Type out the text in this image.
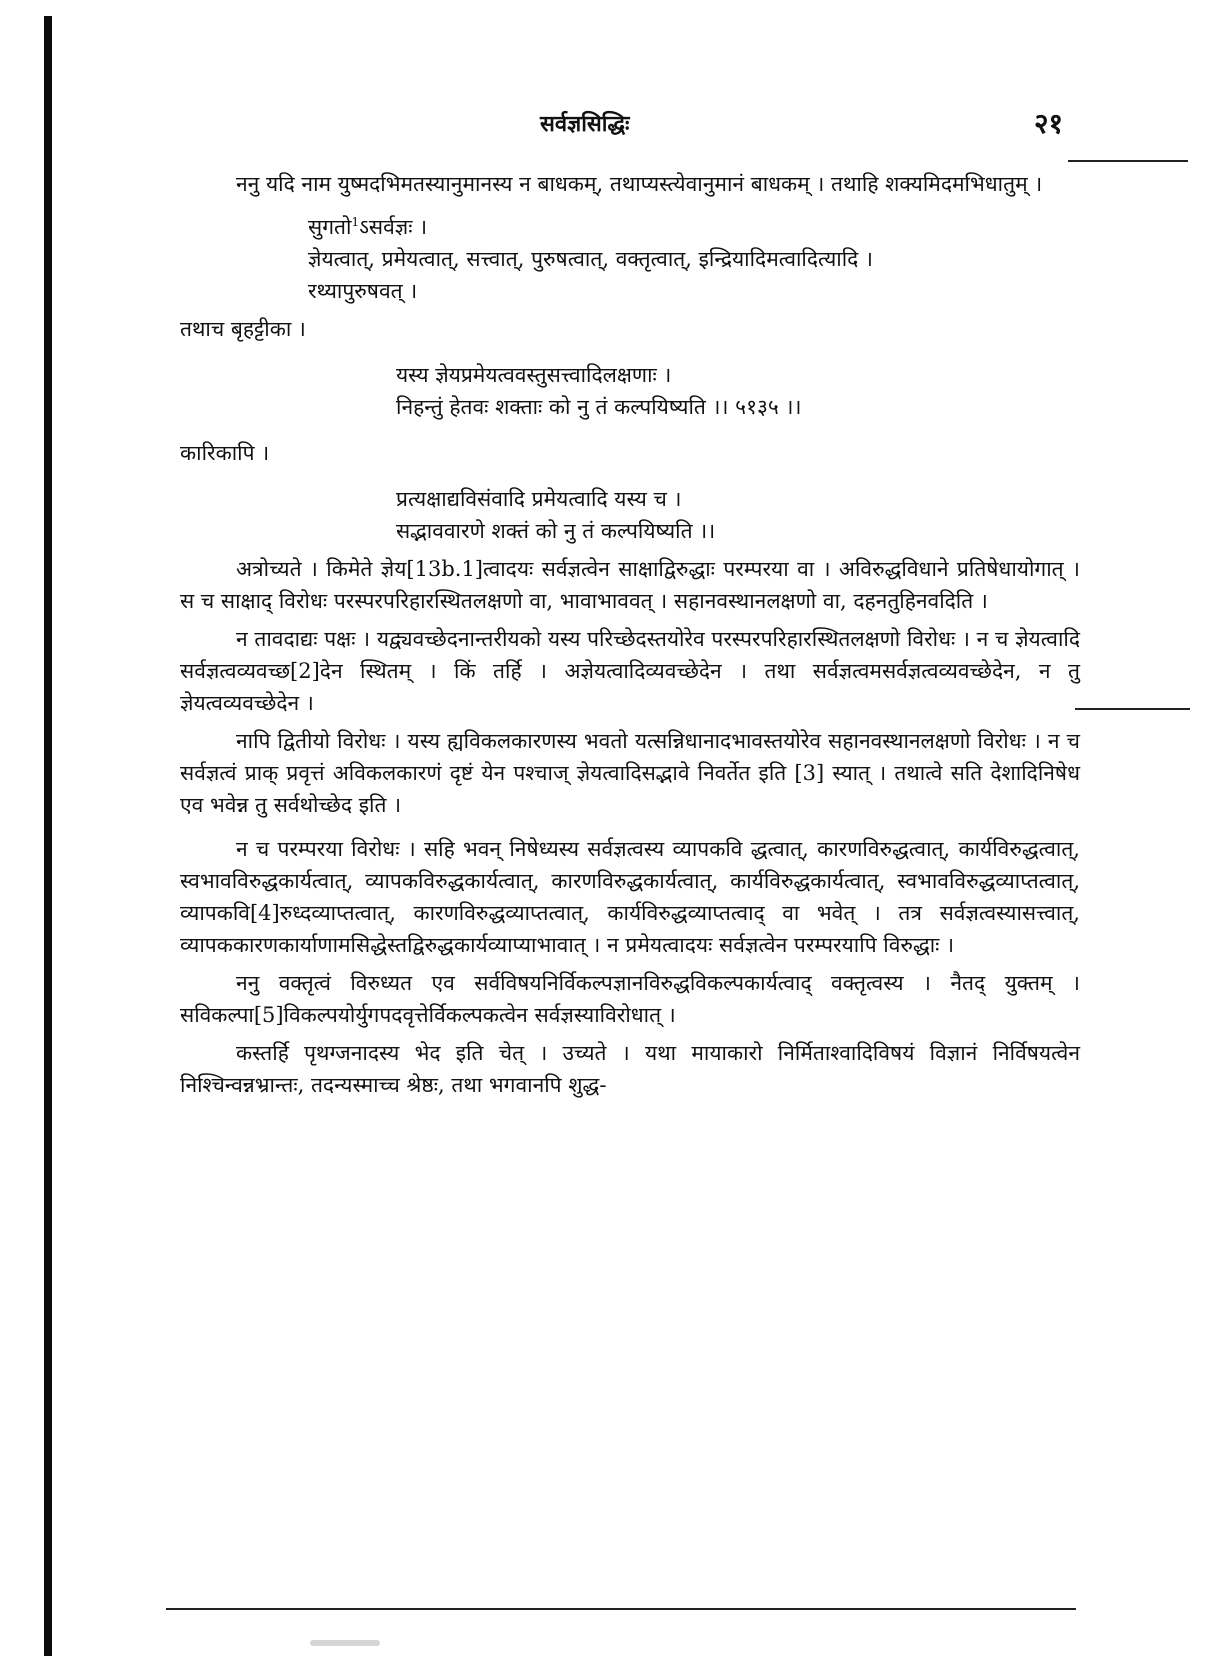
सर्वज्ञसिद्धिः	२१

ननु यदि नाम युष्मदभिमतस्यानुमानस्य न बाधकम्, तथाप्यस्त्येवानुमानं बाधकम् । तथाहि शक्यमिदमभिधातुम् ।

सुगतो$^1$ऽसर्वज्ञः ।

ज्ञेयत्वात्, प्रमेयत्वात्, सत्त्वात्, पुरुषत्वात्, वक्तृत्वात्, इन्द्रियादिमत्वादित्यादि ।

रथ्यापुरुषवत् ।

तथाच बृहट्टीका ।

यस्य ज्ञेयप्रमेयत्ववस्तुसत्त्वादिलक्षणाः ।

निहन्तुं हेतवः शक्ताः को नु तं कल्पयिष्यति ।। ५१३५ ।।

कारिकापि ।

प्रत्यक्षाद्यविसंवादि प्रमेयत्वादि यस्य च ।

सद्भाववारणे शक्तं को नु तं कल्पयिष्यति ।।

अत्रोच्यते । किमेते ज्ञेय[13b.1]त्वादयः सर्वज्ञत्वेन साक्षाद्विरुद्धाः परम्परया वा । अविरुद्धविधाने प्रतिषेधायोगात् । स च साक्षाद् विरोधः परस्परपरिहारस्थितलक्षणो वा, भावाभाववत् । सहानवस्थानलक्षणो वा, दहनतुहिनवदिति ।

न तावदाद्यः पक्षः । यद्व्यवच्छेदनान्तरीयको यस्य परिच्छेदस्तयोरेव परस्परपरिहारस्थितलक्षणो विरोधः । न च ज्ञेयत्वादि सर्वज्ञत्वव्यवच्छ[2]देन स्थितम् । किं तर्हि । अज्ञेयत्वादिव्यवच्छेदेन । तथा सर्वज्ञत्वमसर्वज्ञत्वव्यवच्छेदेन, न तु ज्ञेयत्वव्यवच्छेदेन ।

नापि द्वितीयो विरोधः । यस्य ह्यविकलकारणस्य भवतो यत्सन्निधानादभावस्तयोरेव सहानवस्थानलक्षणो विरोधः । न च सर्वज्ञत्वं प्राक् प्रवृत्तं अविकलकारणं दृष्टं येन पश्चाज् ज्ञेयत्वादिसद्भावे निवर्तेत इति [3] स्यात् । तथात्वे सति देशादिनिषेध एव भवेन्न तु सर्वथोच्छेद इति ।

न च परम्परया विरोधः । सहि भवन् निषेध्यस्य सर्वज्ञत्वस्य व्यापकवि द्धत्वात्, कारणविरुद्धत्वात्, कार्यविरुद्धत्वात्, स्वभावविरुद्धकार्यत्वात्, व्यापकविरुद्धकार्यत्वात्, कारणविरुद्धकार्यत्वात्, कार्यविरुद्धकार्यत्वात्, स्वभावविरुद्धव्याप्तत्वात्, व्यापकवि[4]रुध्दव्याप्तत्वात्, कारणविरुद्धव्याप्तत्वात्, कार्यविरुद्धव्याप्तत्वाद् वा भवेत् । तत्र सर्वज्ञत्वस्यासत्त्वात्, व्यापककारणकार्याणामसिद्धेस्तद्विरुद्धकार्यव्याप्याभावात् । न प्रमेयत्वादयः सर्वज्ञत्वेन परम्परयापि विरुद्धाः ।

ननु वक्तृत्वं विरुध्यत एव सर्वविषयनिर्विकल्पज्ञानविरुद्धविकल्पकार्यत्वाद् वक्तृत्वस्य । नैतद् युक्तम् । सविकल्पा[5]विकल्पयोर्युगपदवृत्तेर्विकल्पकत्वेन सर्वज्ञस्याविरोधात् ।

कस्तर्हि पृथग्जनादस्य भेद इति चेत् । उच्यते । यथा मायाकारो निर्मिताश्वादिविषयं विज्ञानं निर्विषयत्वेन निश्चिन्वन्नभ्रान्तः, तदन्यस्माच्च श्रेष्ठः, तथा भगवानपि शुद्ध-
